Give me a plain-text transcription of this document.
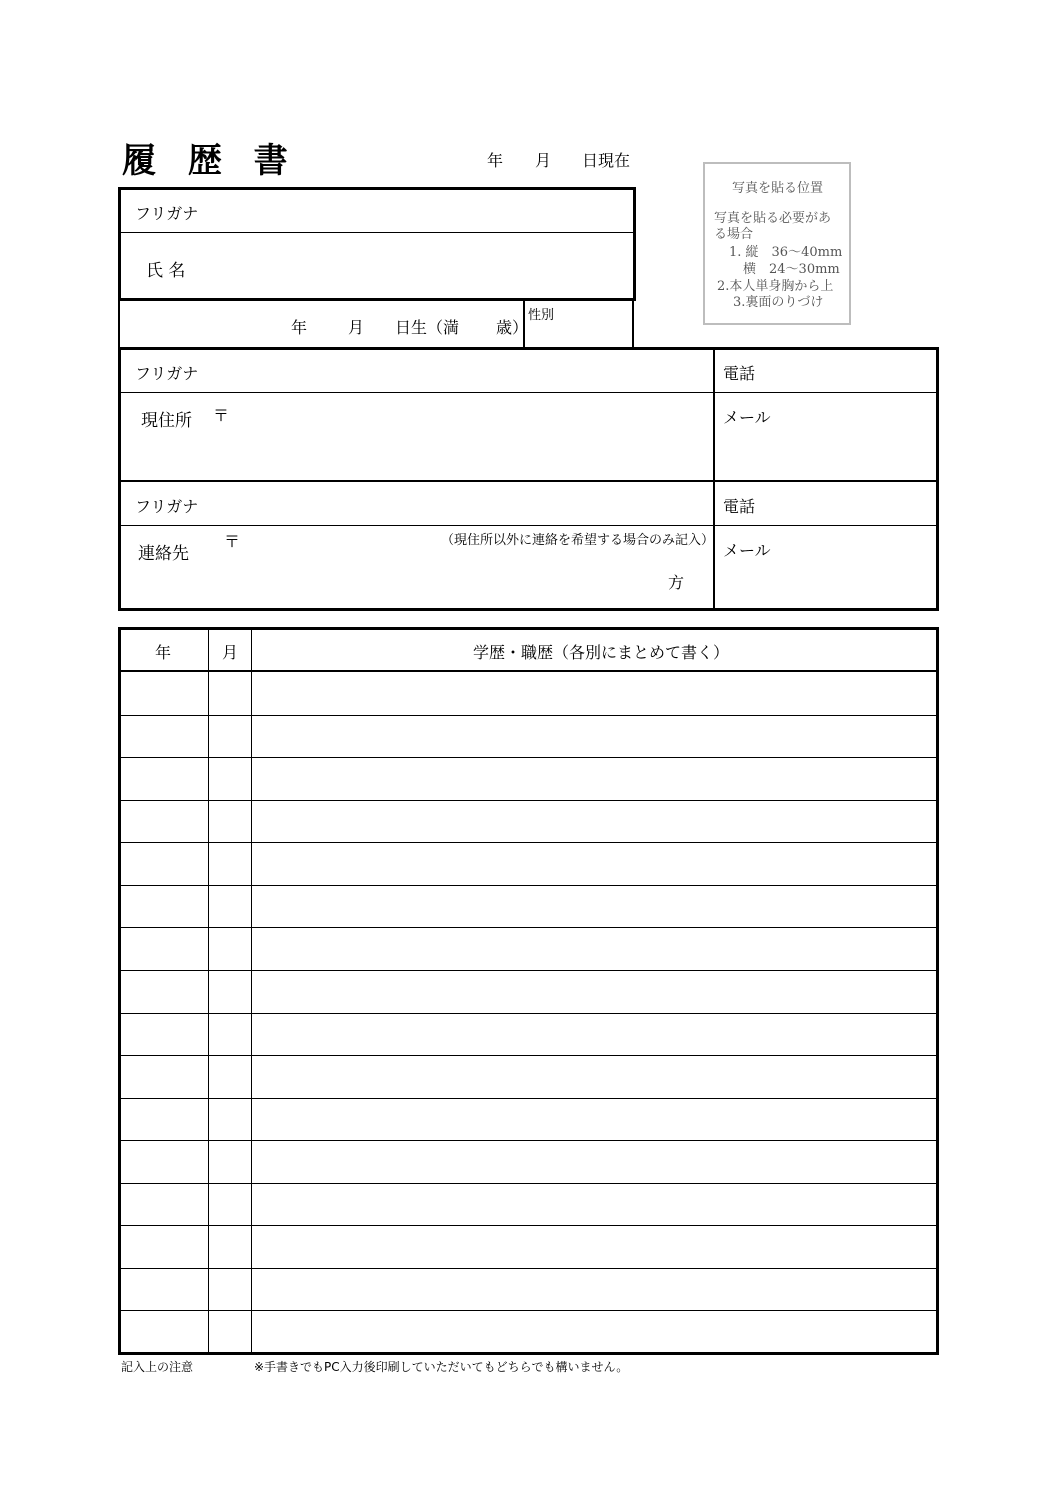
履 歴 書	年 月 日現在
写真を貼る位置
写真を貼る必要があ
る場合
1. 縦　36～40mm
横　24～30mm
2.本人単身胸から上
3.裏面のりづけ
フリガナ
氏 名
年	月 日生（満 歳）
性別
フリガナ
現住所 〒
電話
メール
フリガナ
連絡先
〒	（現住所以外に連絡を希望する場合のみ記入）
方
電話
メール
年	月	学歴・職歴（各別にまとめて書く）
記入上の注意	※手書きでもPC入力後印刷していただいてもどちらでも構いません。
